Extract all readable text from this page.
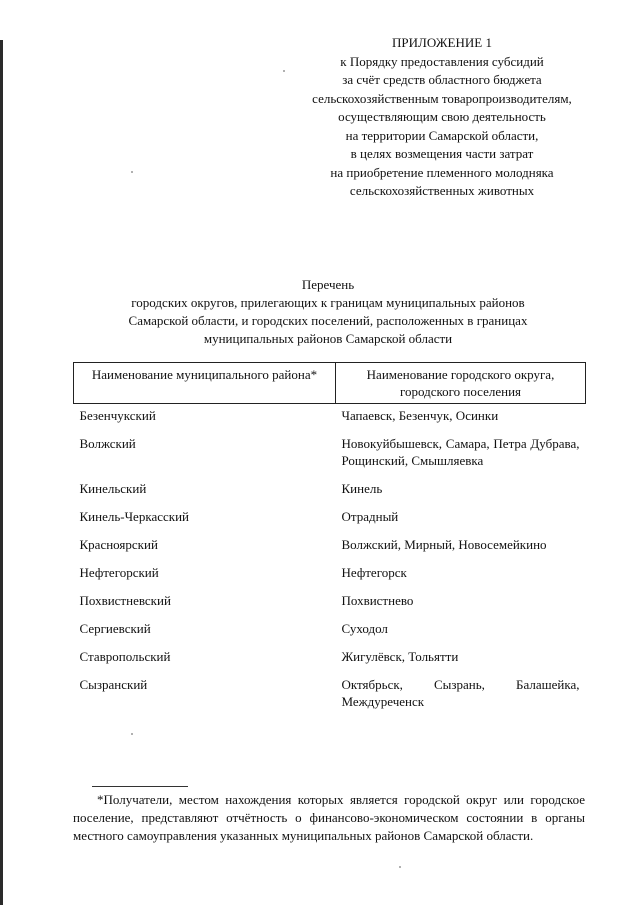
ПРИЛОЖЕНИЕ 1
к Порядку предоставления субсидий
за счёт средств областного бюджета
сельскохозяйственным товаропроизводителям,
осуществляющим свою деятельность
на территории Самарской области,
в целях возмещения части затрат
на приобретение племенного молодняка
сельскохозяйственных животных
Перечень
городских округов, прилегающих к границам муниципальных районов
Самарской области, и городских поселений, расположенных в границах
муниципальных районов Самарской области
Наименование муниципального района*	Наименование городского округа, городского поселения
Безенчукский	Чапаевск, Безенчук, Осинки
Волжский	Новокуйбышевск, Самара, Петра Дубрава, Рощинский, Смышляевка
Кинельский	Кинель
Кинель-Черкасский	Отрадный
Красноярский	Волжский, Мирный, Новосемейкино
Нефтегорский	Нефтегорск
Похвистневский	Похвистнево
Сергиевский	Суходол
Ставропольский	Жигулёвск, Тольятти
Сызранский	Октябрьск, Сызрань, Балашейка, Междуреченск
*Получатели, местом нахождения которых является городской округ или городское поселение, представляют отчётность о финансово-экономическом состоянии в органы местного самоуправления указанных муниципальных районов Самарской области.
